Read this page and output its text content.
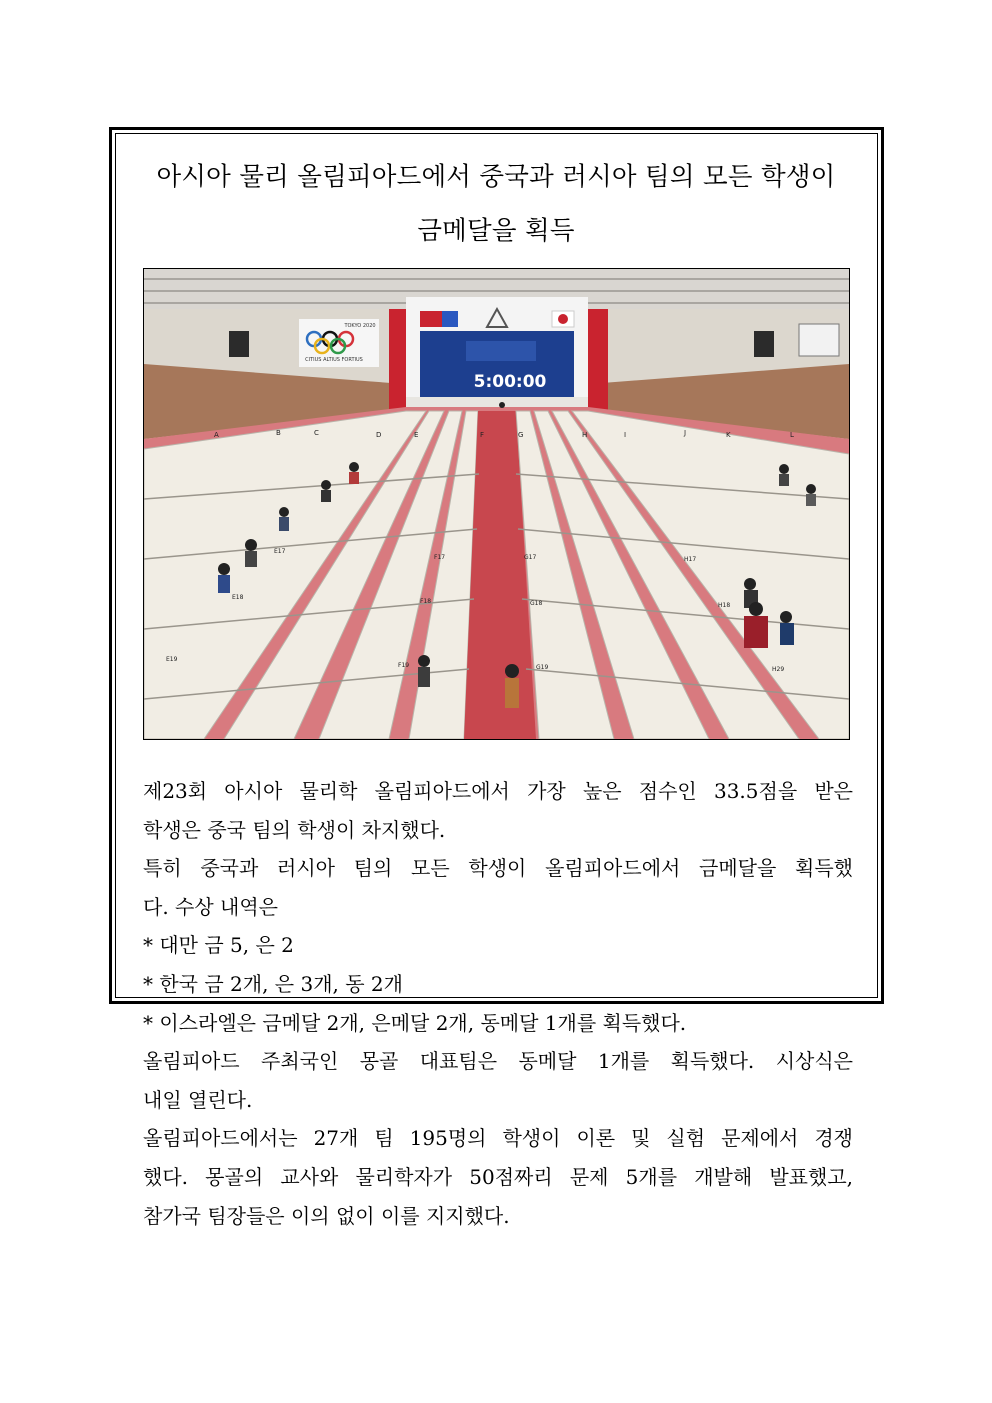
아시아 물리 올림피아드에서 중국과 러시아 팀의 모든 학생이
금메달을 획득
5:00:00
TOKYO 2020
CITIUS ALTIUS FORTIUS
A	B	C	D	E	F	G	H	I	J	K	L
E17
F17
E18
F18
E19
F19
G17
G18
G19
H17
H18
H29

제23회 아시아 물리학 올림피아드에서 가장 높은 점수인 33.5점을 받은

학생은 중국 팀의 학생이 차지했다.

특히 중국과 러시아 팀의 모든 학생이 올림피아드에서 금메달을 획득했

다. 수상 내역은

* 대만 금 5, 은 2

* 한국 금 2개, 은 3개, 동 2개

* 이스라엘은 금메달 2개, 은메달 2개, 동메달 1개를 획득했다.

올림피아드 주최국인 몽골 대표팀은 동메달 1개를 획득했다. 시상식은

내일 열린다.

올림피아드에서는 27개 팀 195명의 학생이 이론 및 실험 문제에서 경쟁

했다. 몽골의 교사와 물리학자가 50점짜리 문제 5개를 개발해 발표했고,

참가국 팀장들은 이의 없이 이를 지지했다.
